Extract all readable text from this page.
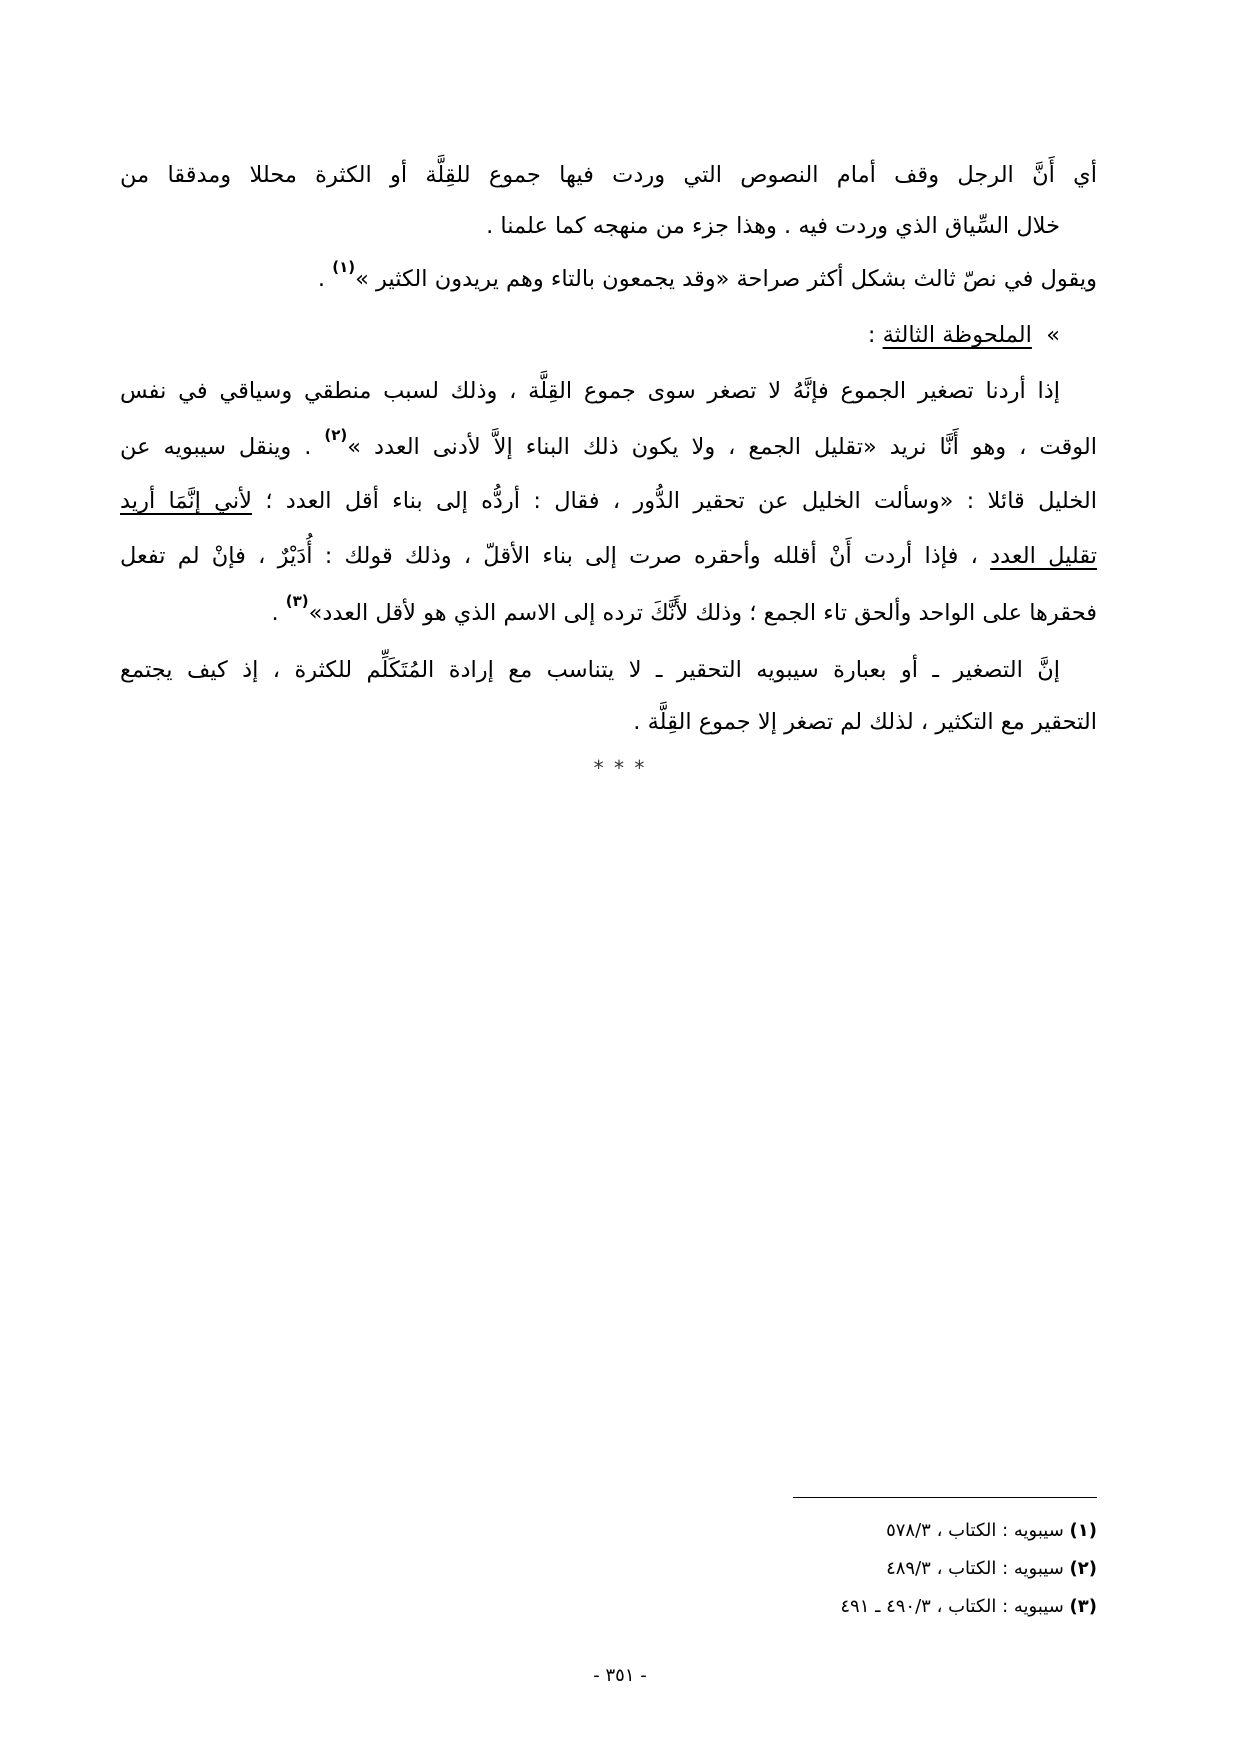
أي أَنَّ الرجل وقف أمام النصوص التي وردت فيها جموع للقِلَّة أو الكثرة محللا ومدققا من
خلال السِّياق الذي وردت فيه . وهذا جزء من منهجه كما علمنا .
ويقول في نصّ ثالث بشكل أكثر صراحة «وقد يجمعون بالتاء وهم يريدون الكثير »$^{(١)}$ .
»  الملحوظة الثالثة :
إذا أردنا تصغير الجموع فإنَّهُ لا تصغر سوى جموع القِلَّة ، وذلك لسبب منطقي وسياقي في نفس
الوقت ، وهو أَنَّا نريد «تقليل الجمع ، ولا يكون ذلك البناء إلاَّ لأدنى العدد »$^{(٢)}$ . وينقل سيبويه عن
الخليل قائلا : «وسألت الخليل عن تحقير الدُّور ، فقال : أردُّه إلى بناء أقل العدد ؛ لأني إنَّمَا أريد
تقليل العدد ، فإذا أردت أَنْ أقلله وأحقره صرت إلى بناء الأقلّ ، وذلك قولك : أُدَيْرٌ ، فإنْ لم تفعل
فحقرها على الواحد وألحق تاء الجمع ؛ وذلك لأَنَّكَ ترده إلى الاسم الذي هو لأقل العدد»$^{(٣)}$ .
إنَّ التصغير ـ أو بعبارة سيبويه التحقير ـ لا يتناسب مع إرادة المُتَكَلِّم للكثرة ، إذ كيف يجتمع
التحقير مع التكثير ، لذلك لم تصغر إلا جموع القِلَّة .
* * *
(١) سيبويه : الكتاب ، ٥٧٨/٣
(٢) سيبويه : الكتاب ، ٤٨٩/٣
(٣) سيبويه : الكتاب ، ٤٩٠/٣ ـ ٤٩١
- ٣٥١ -
